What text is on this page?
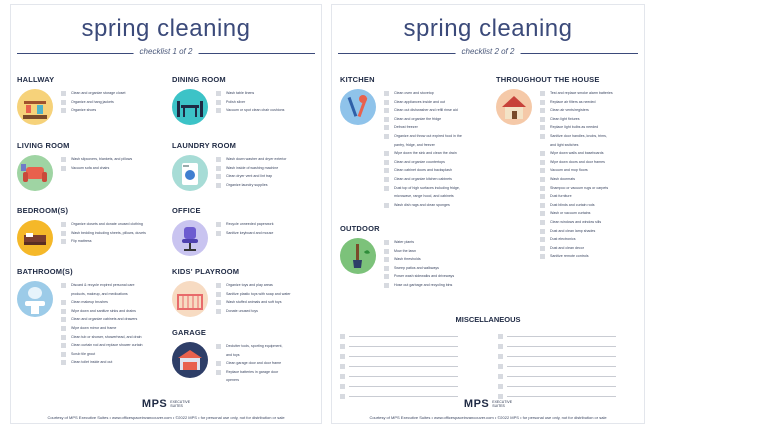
spring cleaning
checklist 1 of 2
HALLWAY
Clean and organize storage closet
Organize and hang jackets
Organize shoes
LIVING ROOM
Wash slipcovers, blankets, and pillows
Vacuum sofa and chairs
BEDROOM(S)
Organize closets and donate unused clothing
Wash bedding including sheets, pillows, duvets
Flip mattress
BATHROOM(S)
Discard & recycle expired personal care
products, makeup, and medications
Clean makeup brushes
Wipe down and sanitize sinks and drains
Clean and organize cabinets and drawers
Wipe down mirror and frame
Clean tub or shower, showerhead, and drain
Clean curtain rod and replace shower curtain
Scrub tile grout
Clean toilet inside and out
DINING ROOM
Wash table linens
Polish silver
Vacuum or spot clean chair cushions
LAUNDRY ROOM
Wash down washer and dryer exterior
Wash inside of washing machine
Clean dryer vent and lint trap
Organize laundry supplies
OFFICE
Recycle unneeded paperwork
Sanitize keyboard and mouse
KIDS' PLAYROOM
Organize toys and play areas
Sanitize plastic toys with soap and water
Wash stuffed animals and soft toys
Donate unused toys
GARAGE
Declutter tools, sporting equipment,
and toys
Clean garage door and door frame
Replace batteries in garage door
openers
MPS EXECUTIVE
SUITES
Courtesy of MPS Executive Suites • www.officespaceinvancouver.com • ©2022 MPS • for personal use only, not for distribution or sale
spring cleaning
checklist 2 of 2
KITCHEN
Clean oven and stovetop
Clean appliances inside and out
Clean out dishwasher and refill rinse aid
Clean and organize the fridge
Defrost freezer
Organize and throw out expired food in the
pantry, fridge, and freezer
Wipe down the sink and clean the drain
Clean and organize countertops
Clean cabinet doors and backsplash
Clean and organize kitchen cabinets
Dust top of high surfaces including fridge,
microwave, range hood, and cabinets
Wash dish rags and clean sponges
OUTDOOR
Water plants
Mow the lawn
Wash thresholds
Sweep patios and walkways
Power wash sidewalks and driveways
Hose out garbage and recycling bins
THROUGHOUT THE HOUSE
Test and replace smoke alarm batteries
Replace air filters as needed
Clean air vents/registers
Clean light fixtures
Replace light bulbs as needed
Sanitize door handles, knobs, trims,
and light switches
Wipe down walls and baseboards
Wipe down doors and door frames
Vacuum and mop floors
Wash doormats
Shampoo or vacuum rugs or carpets
Dust furniture
Dust blinds and curtain rods
Wash or vacuum curtains
Clean windows and window sills
Dust and clean lamp shades
Dust electronics
Dust and clean decor
Sanitize remote controls
MISCELLANEOUS
MPS EXECUTIVE
SUITES
Courtesy of MPS Executive Suites • www.officespaceinvancouver.com • ©2022 MPS • for personal use only, not for distribution or sale
